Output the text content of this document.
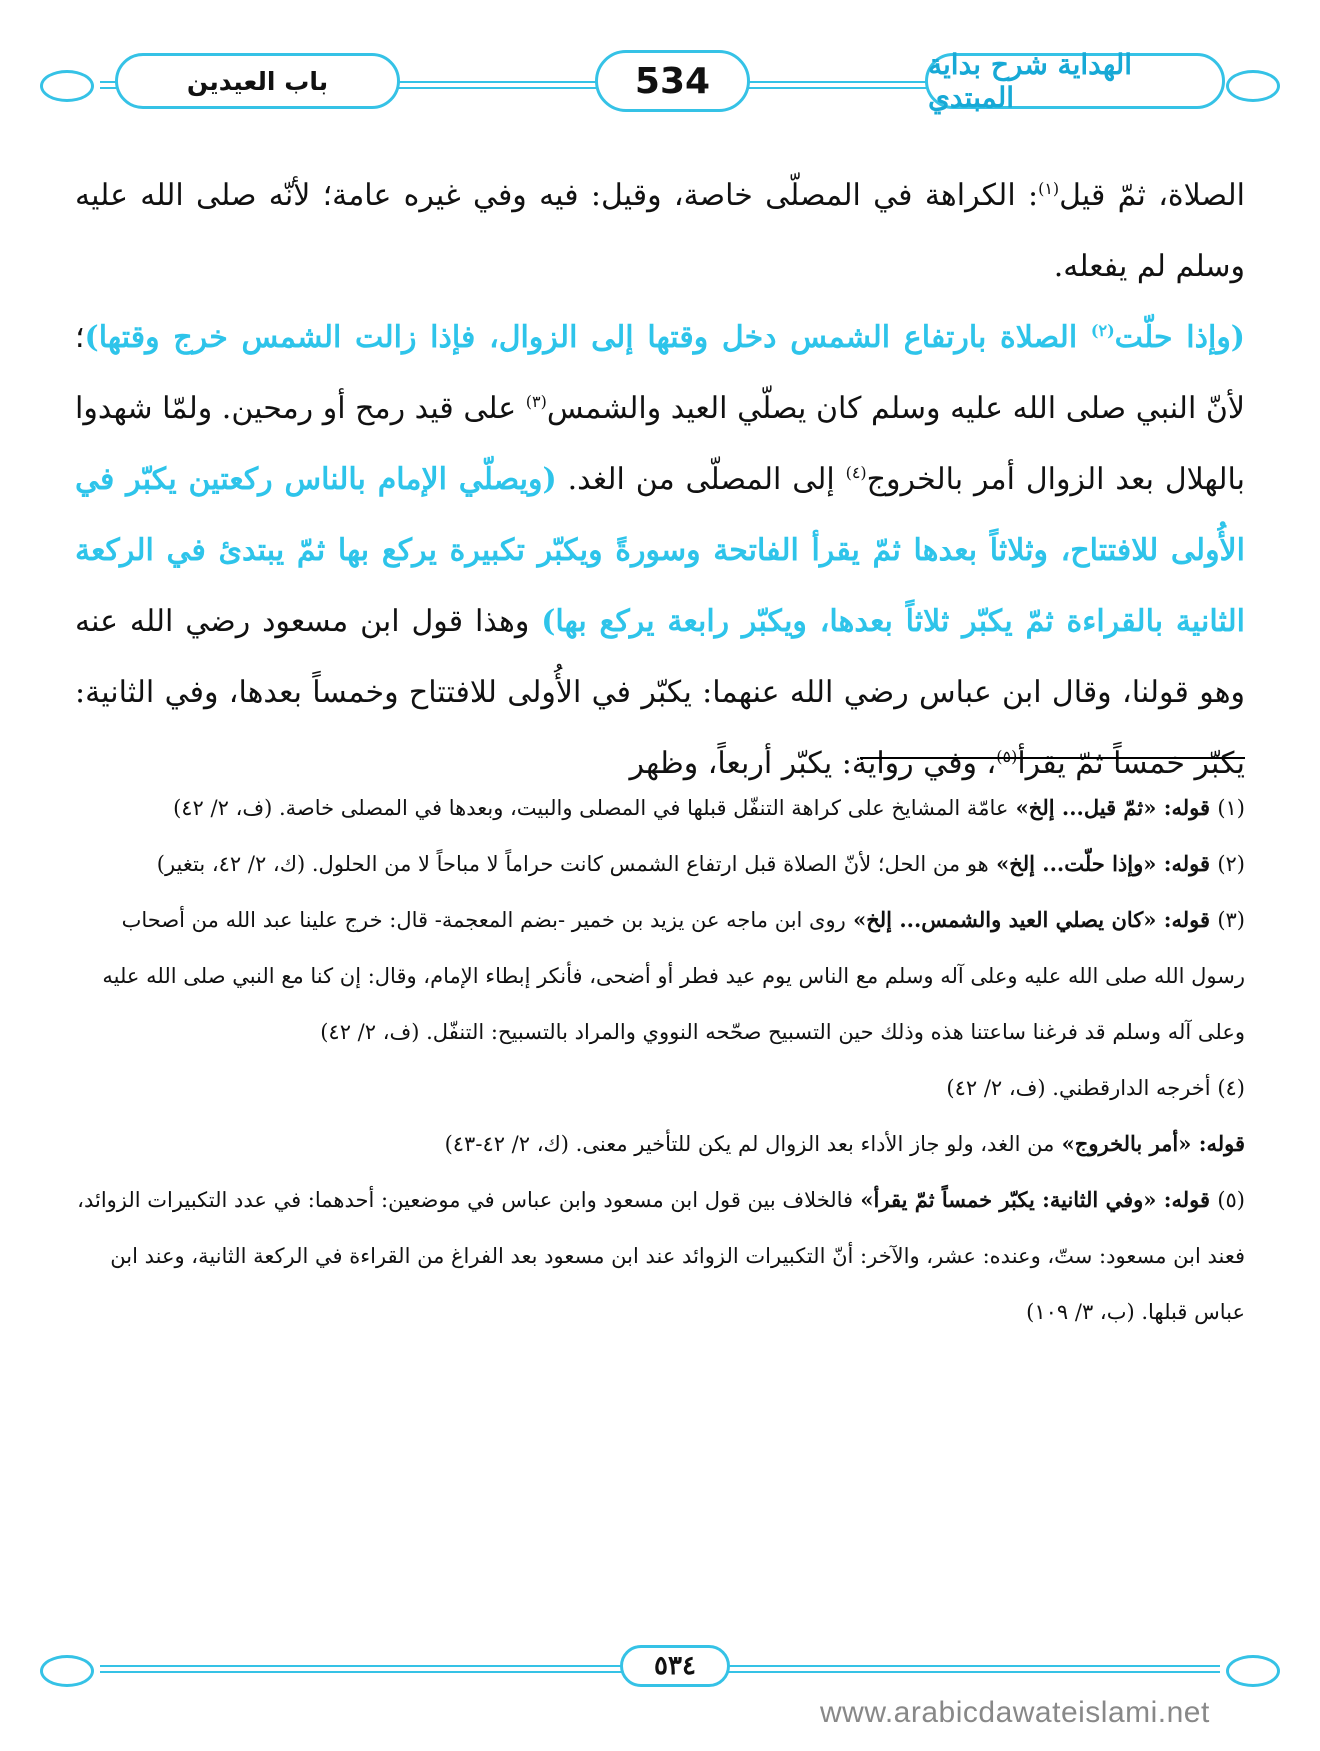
باب العيدين	534	الهداية شرح بداية المبتدي

الصلاة، ثمّ قيل$^{(١)}$: الكراهة في المصلّى خاصة، وقيل: فيه وفي غيره عامة؛ لأنّه صلى الله عليه وسلم لم يفعله.

(وإذا حلّت$^{(٢)}$ الصلاة بارتفاع الشمس دخل وقتها إلى الزوال، فإذا زالت الشمس خرج وقتها)؛ لأنّ النبي صلى الله عليه وسلم كان يصلّي العيد والشمس$^{(٣)}$ على قيد رمح أو رمحين. ولمّا شهدوا بالهلال بعد الزوال أمر بالخروج$^{(٤)}$ إلى المصلّى من الغد. (ويصلّي الإمام بالناس ركعتين يكبّر في الأُولى للافتتاح، وثلاثاً بعدها ثمّ يقرأ الفاتحة وسورةً ويكبّر تكبيرة يركع بها ثمّ يبتدئ في الركعة الثانية بالقراءة ثمّ يكبّر ثلاثاً بعدها، ويكبّر رابعة يركع بها) وهذا قول ابن مسعود رضي الله عنه وهو قولنا، وقال ابن عباس رضي الله عنهما: يكبّر في الأُولى للافتتاح وخمساً بعدها، وفي الثانية: يكبّر خمساً ثمّ يقرأ$^{(٥)}$، وفي رواية: يكبّر أربعاً، وظهر

(١) قوله: «ثمّ قيل... إلخ» عامّة المشايخ على كراهة التنفّل قبلها في المصلى والبيت، وبعدها في المصلى خاصة. (ف، ٢/ ٤٢)

(٢) قوله: «وإذا حلّت... إلخ» هو من الحل؛ لأنّ الصلاة قبل ارتفاع الشمس كانت حراماً لا مباحاً لا من الحلول. (ك، ٢/ ٤٢، بتغير)

(٣) قوله: «كان يصلي العيد والشمس... إلخ» روى ابن ماجه عن يزيد بن خمير -بضم المعجمة- قال: خرج علينا عبد الله من أصحاب رسول الله صلى الله عليه وعلى آله وسلم مع الناس يوم عيد فطر أو أضحى، فأنكر إبطاء الإمام، وقال: إن كنا مع النبي صلى الله عليه وعلى آله وسلم قد فرغنا ساعتنا هذه وذلك حين التسبيح صحّحه النووي والمراد بالتسبيح: التنفّل. (ف، ٢/ ٤٢)

(٤) أخرجه الدارقطني. (ف، ٢/ ٤٢)

قوله: «أمر بالخروج» من الغد، ولو جاز الأداء بعد الزوال لم يكن للتأخير معنى. (ك، ٢/ ٤٢-٤٣)

(٥) قوله: «وفي الثانية: يكبّر خمساً ثمّ يقرأ» فالخلاف بين قول ابن مسعود وابن عباس في موضعين: أحدهما: في عدد التكبيرات الزوائد، فعند ابن مسعود: ستّ، وعنده: عشر، والآخر: أنّ التكبيرات الزوائد عند ابن مسعود بعد الفراغ من القراءة في الركعة الثانية، وعند ابن عباس قبلها. (ب، ٣/ ١٠٩)

٥٣٤
www.arabicdawateislami.net
